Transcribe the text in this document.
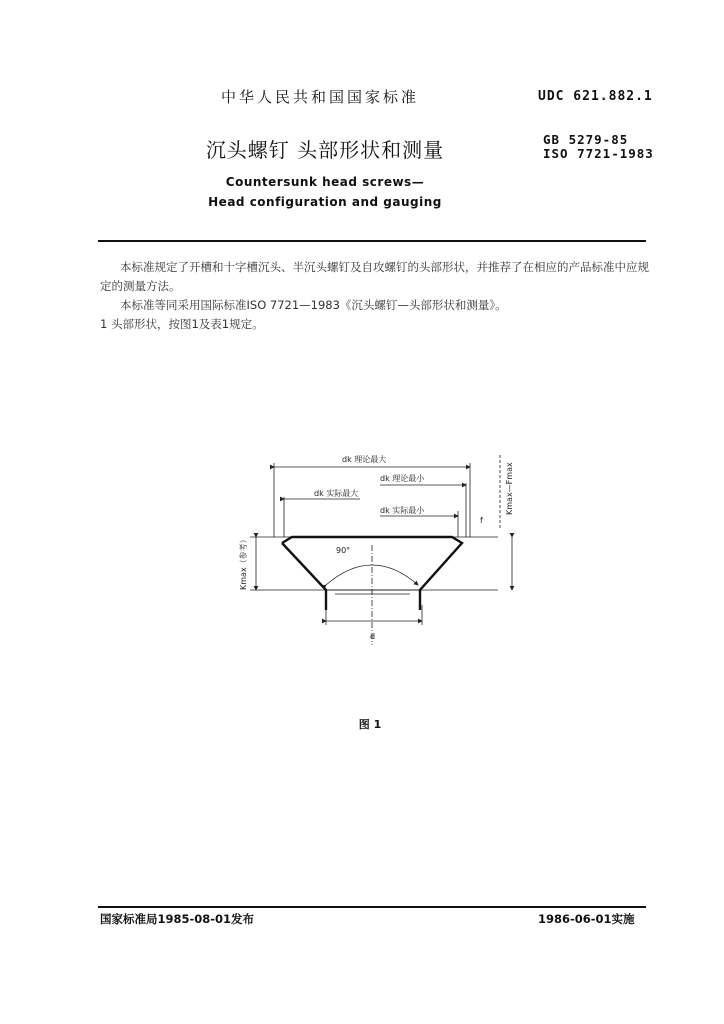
中华人民共和国国家标准	UDC 621.882.1
沉头螺钉 头部形状和测量	GB 5279-85
ISO 7721-1983
Countersunk head screws—
Head configuration and gauging

本标准规定了开槽和十字槽沉头、半沉头螺钉及自攻螺钉的头部形状，并推荐了在相应的产品标准中应规定的测量方法。

本标准等同采用国际标准ISO 7721—1983《沉头螺钉—头部形状和测量》。

1 头部形状，按图1及表1规定。

dk 理论最大
dk 理论最小
dk 实际最大
dk 实际最小
90°
d
f
Kmax（参考）
Kmax—Fmax
图 1
国家标准局1985-08-01发布	1986-06-01实施
